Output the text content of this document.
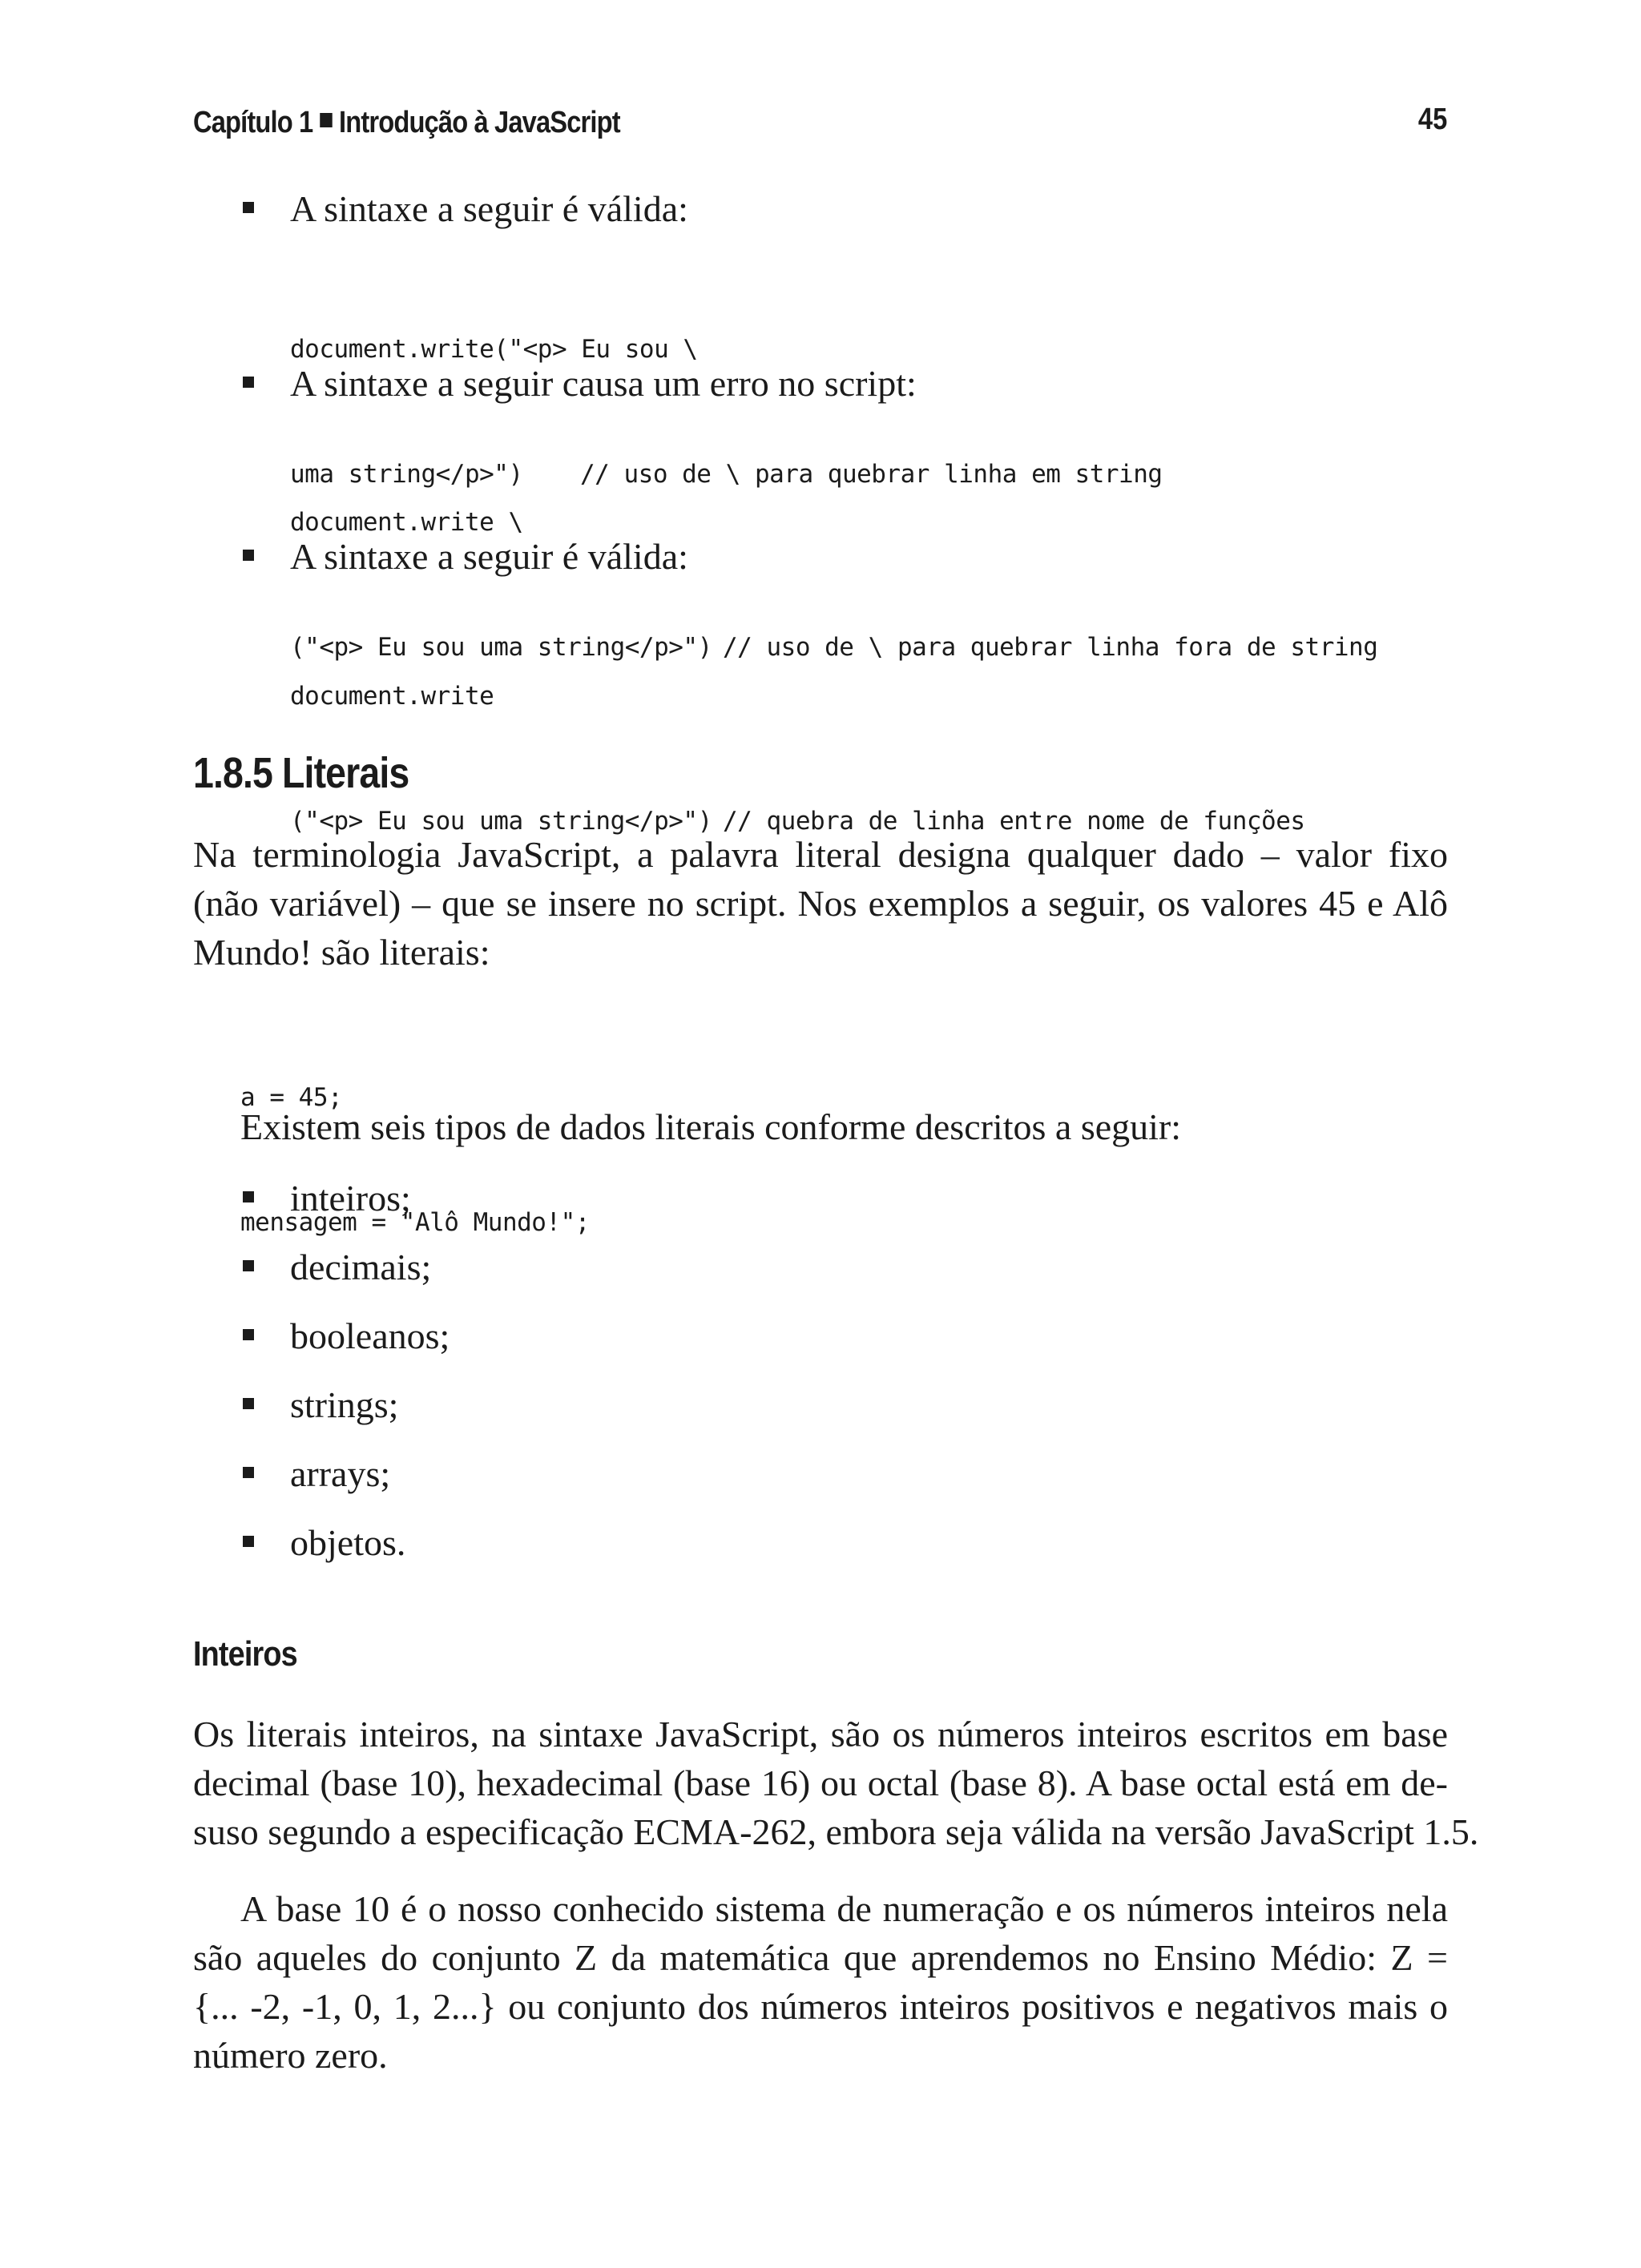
Capítulo 1 Introdução à JavaScript	45
A sintaxe a seguir é válida:

document.write("<p> Eu sou \

uma string</p>") // uso de \ para quebrar linha em string

A sintaxe a seguir causa um erro no script:

document.write \

("<p> Eu sou uma string</p>") // uso de \ para quebrar linha fora de string

A sintaxe a seguir é válida:

document.write

("<p> Eu sou uma string</p>") // quebra de linha entre nome de funções

1.8.5 Literais
Na terminologia JavaScript, a palavra literal designa qualquer dado – valor fixo
(não variável) – que se insere no script. Nos exemplos a seguir, os valores 45 e Alô
Mundo! são literais:

a = 45;

mensagem = "Alô Mundo!";

Existem seis tipos de dados literais conforme descritos a seguir:
inteiros;
decimais;
booleanos;
strings;
arrays;
objetos.
Inteiros
Os literais inteiros, na sintaxe JavaScript, são os números inteiros escritos em base
decimal (base 10), hexadecimal (base 16) ou octal (base 8). A base octal está em de-
suso segundo a especificação ECMA-262, embora seja válida na versão JavaScript 1.5.
A base 10 é o nosso conhecido sistema de numeração e os números inteiros nela
são aqueles do conjunto Z da matemática que aprendemos no Ensino Médio: Z =
{... -2, -1, 0, 1, 2...} ou conjunto dos números inteiros positivos e negativos mais o
número zero.
